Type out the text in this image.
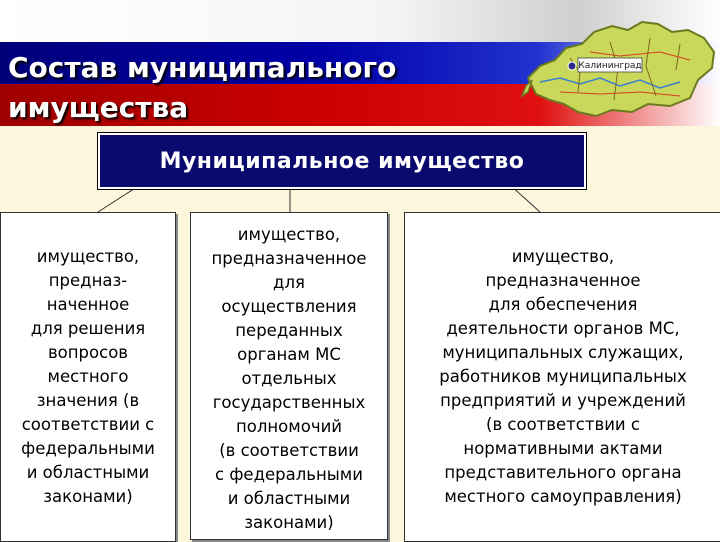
Состав муниципального
имущества
Калининград
Муниципальное имущество
имущество,
предназ-
наченное
для решения
вопросов
местного
значения (в
соответствии с
федеральными
и областными
законами)
имущество,
предназначенное
для
осуществления
переданных
органам МС
отдельных
государственных
полномочий
(в соответствии
с федеральными
и областными
законами)
имущество,
предназначенное
для обеспечения
деятельности органов МС,
муниципальных служащих,
работников муниципальных
предприятий и учреждений
(в соответствии с
нормативными актами
представительного органа
местного самоуправления)
